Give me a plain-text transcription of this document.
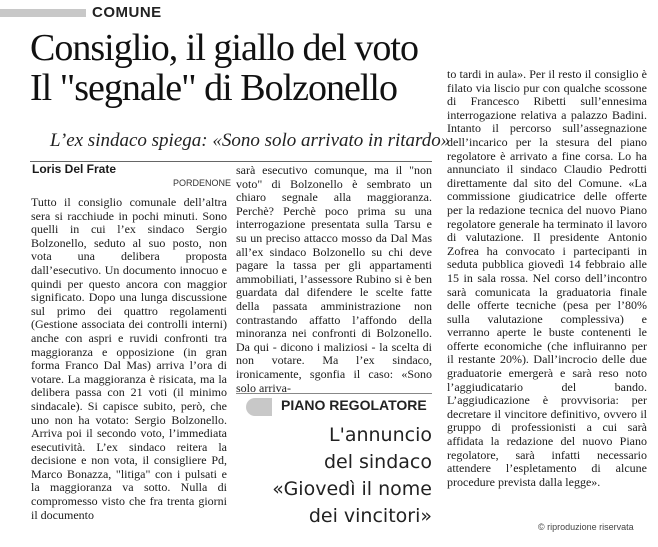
COMUNE
Consiglio, il giallo del voto
Il "segnale" di Bolzonello
L’ex sindaco spiega: «Sono solo arrivato in ritardo»
Loris Del Frate
PORDENONE
Tutto il consiglio comunale dell’altra sera si racchiude in pochi minuti. Sono quelli in cui l’ex sindaco Sergio Bolzonello, seduto al suo posto, non vota una delibera proposta dall’esecutivo. Un documento innocuo e quindi per questo ancora con maggior significato. Dopo una lunga discussione sul primo dei quattro regolamenti (Gestione associata dei controlli interni) anche con aspri e ruvidi confronti tra maggioranza e opposizione (in gran forma Franco Dal Mas) arriva l’ora di votare. La maggioranza è risicata, ma la delibera passa con 21 voti (il minimo sindacale). Si capisce subito, però, che uno non ha votato: Sergio Bolzonello. Arriva poi il secondo voto, l’immediata esecutività. L’ex sindaco reitera la decisione e non vota, il consigliere Pd, Marco Bonazza, "litiga" con i pulsati e la maggioranza va sotto. Nulla di compromesso visto che fra trenta giorni il documento
sarà esecutivo comunque, ma il "non voto" di Bolzonello è sembrato un chiaro segnale alla maggioranza. Perchè? Perchè poco prima su una interrogazione presentata sulla Tarsu e su un preciso attacco mosso da Dal Mas all’ex sindaco Bolzonello su chi deve pagare la tassa per gli appartamenti ammobiliati, l’assessore Rubino si è ben guardata dal difendere le scelte fatte della passata amministrazione non contrastando affatto l’affondo della minoranza nei confronti di Bolzonello. Da qui - dicono i maliziosi - la scelta di non votare. Ma l’ex sindaco, ironicamente, sgonfia il caso: «Sono solo arriva-
to tardi in aula». Per il resto il consiglio è filato via liscio pur con qualche scossone di Francesco Ribetti sull’ennesima interrogazione relativa a palazzo Badini. Intanto il percorso sull’assegnazione dell’incarico per la stesura del piano regolatore è arrivato a fine corsa. Lo ha annunciato il sindaco Claudio Pedrotti direttamente dal sito del Comune. «La commissione giudicatrice delle offerte per la redazione tecnica del nuovo Piano regolatore generale ha terminato il lavoro di valutazione. Il presidente Antonio Zofrea ha convocato i partecipanti in seduta pubblica giovedì 14 febbraio alle 15 in sala rossa. Nel corso dell’incontro sarà comunicata la graduatoria finale delle offerte tecniche (pesa per l’80% sulla valutazione complessiva) e verranno aperte le buste contenenti le offerte economiche (che influiranno per il restante 20%). Dall’incrocio delle due graduatorie emergerà e sarà reso noto l’aggiudicatario del bando. L’aggiudicazione è provvisoria: per decretare il vincitore definitivo, ovvero il gruppo di professionisti a cui sarà affidata la redazione del nuovo Piano regolatore, sarà infatti necessario attendere l’espletamento di alcune procedure prevista dalla legge».
PIANO REGOLATORE
L'annuncio
del sindaco
«Giovedì il nome
dei vincitori»	© riproduzione riservata
